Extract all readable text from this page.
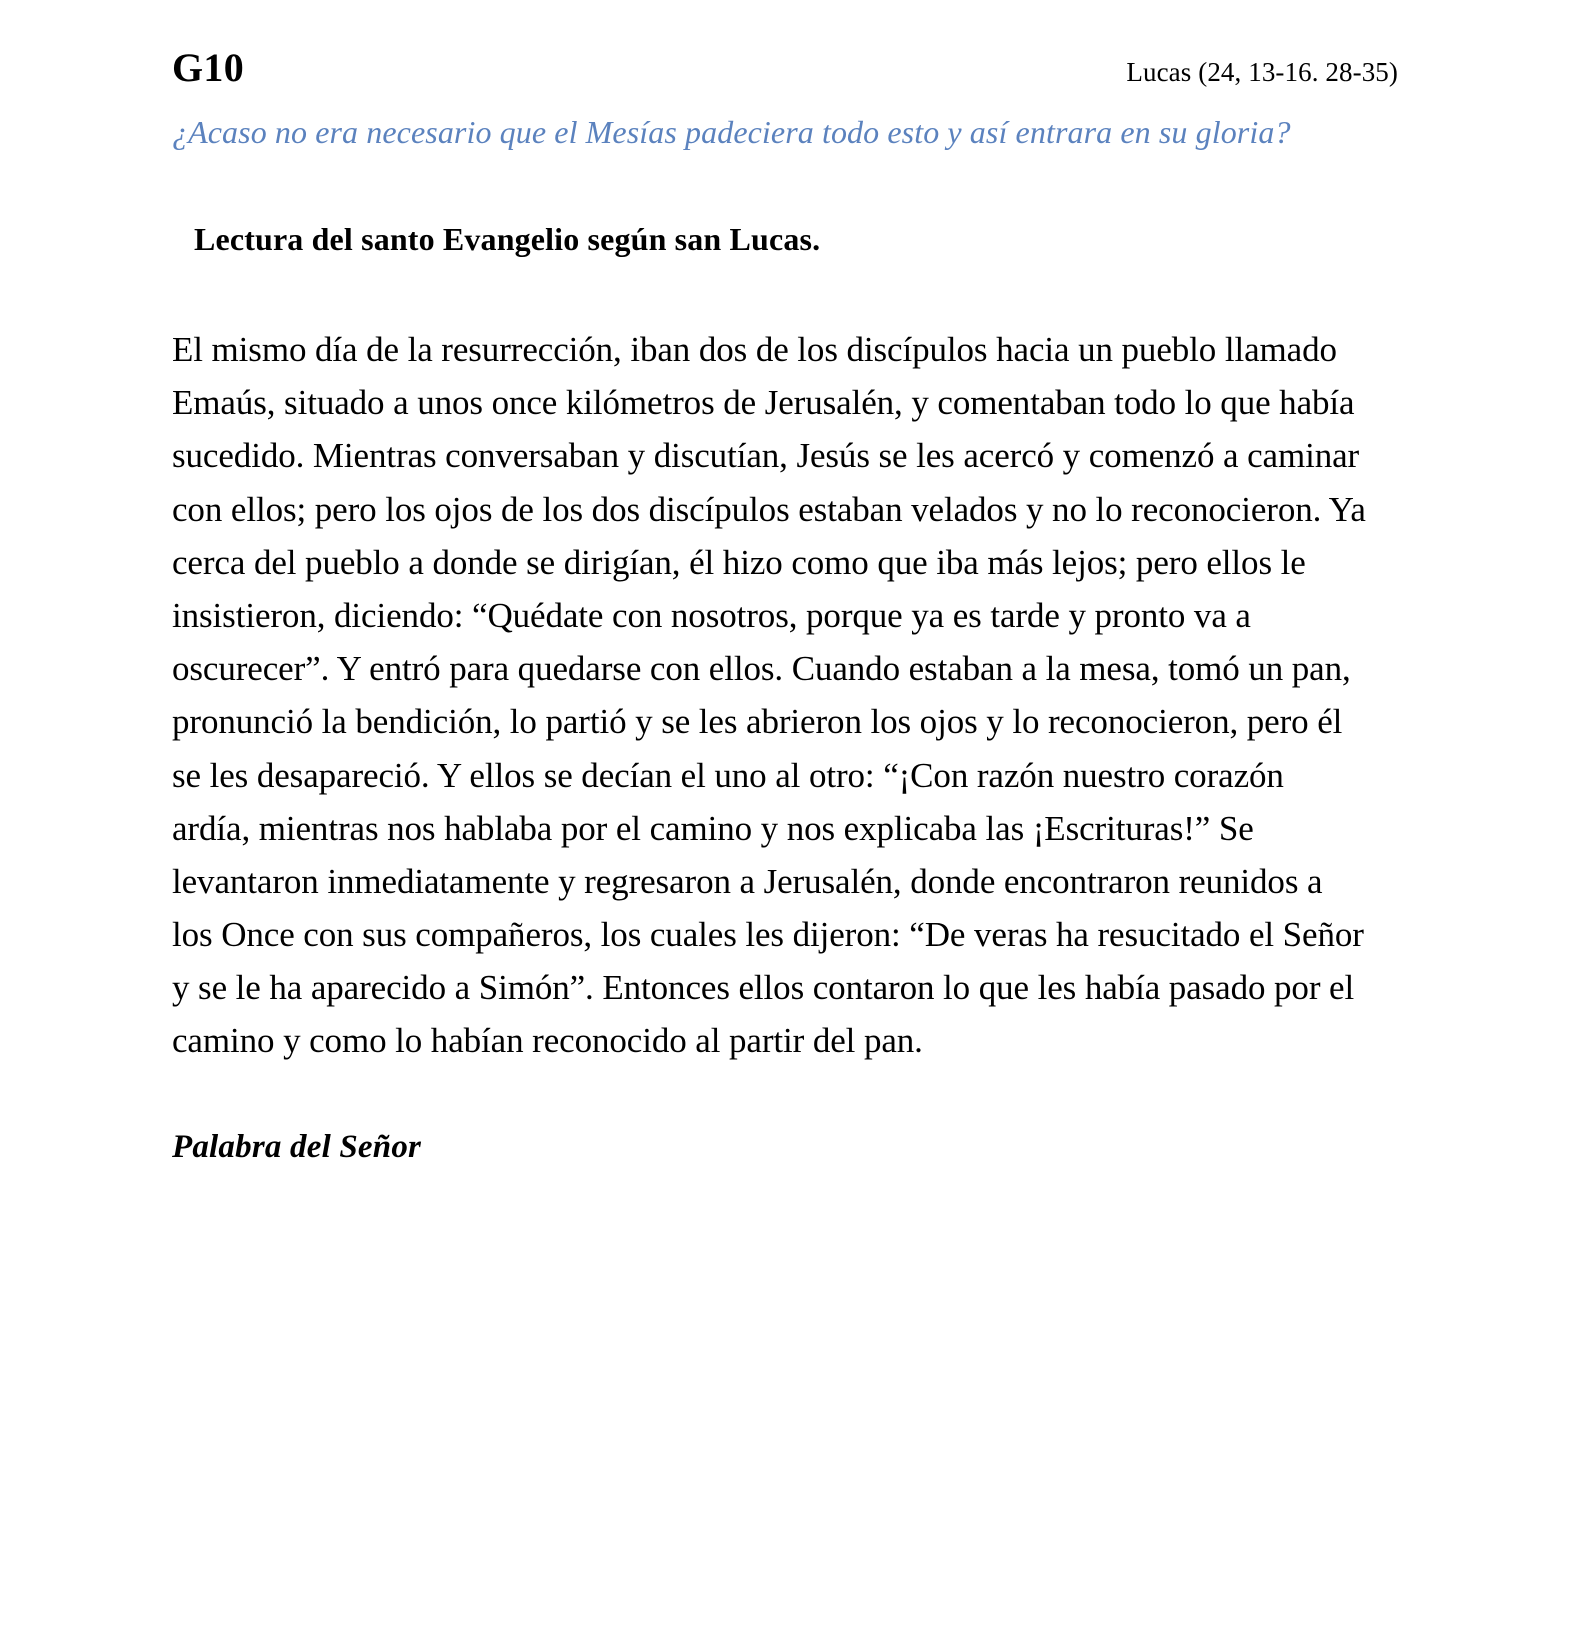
G10	Lucas (24, 13-16. 28-35)
¿Acaso no era necesario que el Mesías padeciera todo esto y así entrara en su gloria?
Lectura del santo Evangelio según san Lucas.
El mismo día de la resurrección, iban dos de los discípulos hacia un pueblo llamado Emaús, situado a unos once kilómetros de Jerusalén, y comentaban todo lo que había sucedido. Mientras conversaban y discutían, Jesús se les acercó y comenzó a caminar con ellos; pero los ojos de los dos discípulos estaban velados y no lo reconocieron. Ya cerca del pueblo a donde se dirigían, él hizo como que iba más lejos; pero ellos le insistieron, diciendo: “Quédate con nosotros, porque ya es tarde y pronto va a oscurecer”. Y entró para quedarse con ellos. Cuando estaban a la mesa, tomó un pan, pronunció la bendición, lo partió y se les abrieron los ojos y lo reconocieron, pero él se les desapareció. Y ellos se decían el uno al otro: “¡Con razón nuestro corazón ardía, mientras nos hablaba por el camino y nos explicaba las ¡Escrituras!” Se levantaron inmediatamente y regresaron a Jerusalén, donde encontraron reunidos a los Once con sus compañeros, los cuales les dijeron: “De veras ha resucitado el Señor y se le ha aparecido a Simón”. Entonces ellos contaron lo que les había pasado por el camino y como lo habían reconocido al partir del pan.
Palabra del Señor
